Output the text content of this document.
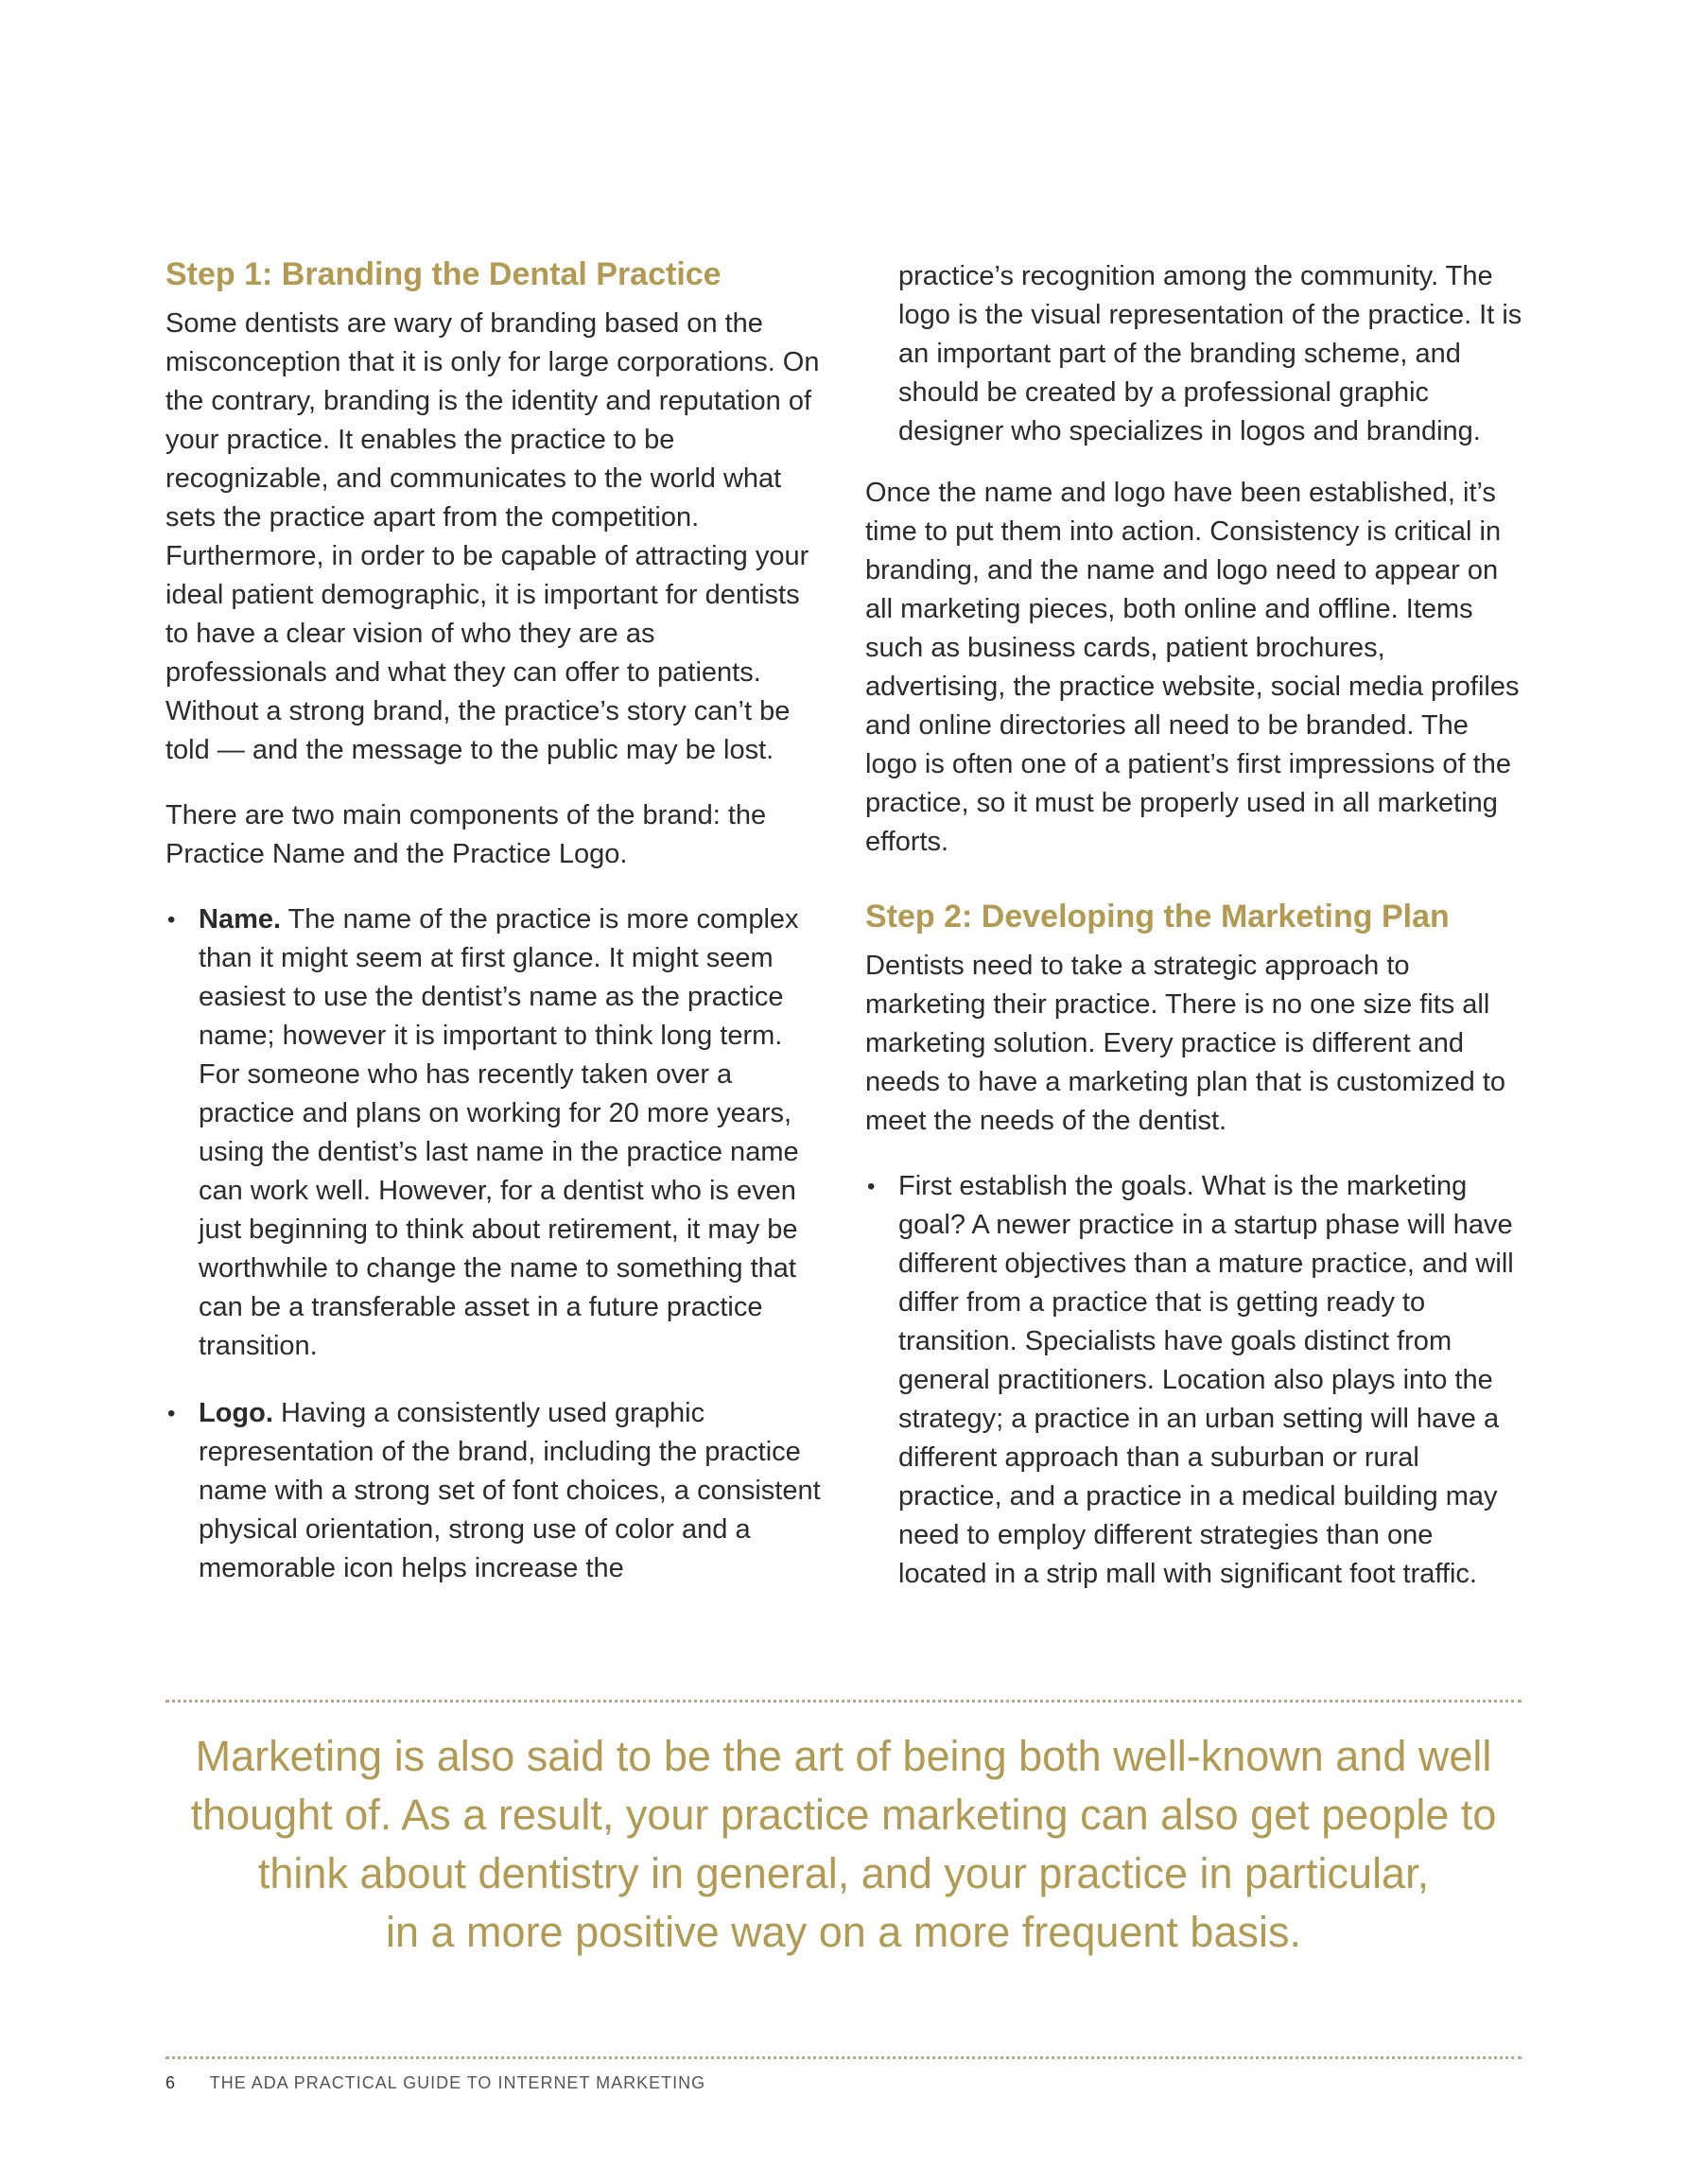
Step 1: Branding the Dental Practice

Some dentists are wary of branding based on the misconception that it is only for large corporations. On the contrary, branding is the identity and reputation of your practice. It enables the practice to be recognizable, and communicates to the world what sets the practice apart from the competition. Furthermore, in order to be capable of attracting your ideal patient demographic, it is important for dentists to have a clear vision of who they are as professionals and what they can offer to patients. Without a strong brand, the practice’s story can’t be told — and the message to the public may be lost.

There are two main components of the brand: the Practice Name and the Practice Logo.

• Name. The name of the practice is more complex than it might seem at first glance. It might seem easiest to use the dentist’s name as the practice name; however it is important to think long term. For someone who has recently taken over a practice and plans on working for 20 more years, using the dentist’s last name in the practice name can work well. However, for a dentist who is even just beginning to think about retirement, it may be worthwhile to change the name to something that can be a transferable asset in a future practice transition.
• Logo. Having a consistently used graphic representation of the brand, including the practice name with a strong set of font choices, a consistent physical orientation, strong use of color and a memorable icon helps increase the
practice’s recognition among the community. The logo is the visual representation of the practice. It is an important part of the branding scheme, and should be created by a professional graphic designer who specializes in logos and branding.

Once the name and logo have been established, it’s time to put them into action. Consistency is critical in branding, and the name and logo need to appear on all marketing pieces, both online and offline. Items such as business cards, patient brochures, advertising, the practice website, social media profiles and online directories all need to be branded. The logo is often one of a patient’s first impressions of the practice, so it must be properly used in all marketing efforts.

Step 2: Developing the Marketing Plan

Dentists need to take a strategic approach to marketing their practice. There is no one size fits all marketing solution. Every practice is different and needs to have a marketing plan that is customized to meet the needs of the dentist.

• First establish the goals. What is the marketing goal? A newer practice in a startup phase will have different objectives than a mature practice, and will differ from a practice that is getting ready to transition. Specialists have goals distinct from general practitioners. Location also plays into the strategy; a practice in an urban setting will have a different approach than a suburban or rural practice, and a practice in a medical building may need to employ different strategies than one located in a strip mall with significant foot traffic.
Marketing is also said to be the art of being both well-known and well
thought of. As a result, your practice marketing can also get people to
think about dentistry in general, and your practice in particular,
in a more positive way on a more frequent basis.
6 THE ADA PRACTICAL GUIDE TO INTERNET MARKETING
